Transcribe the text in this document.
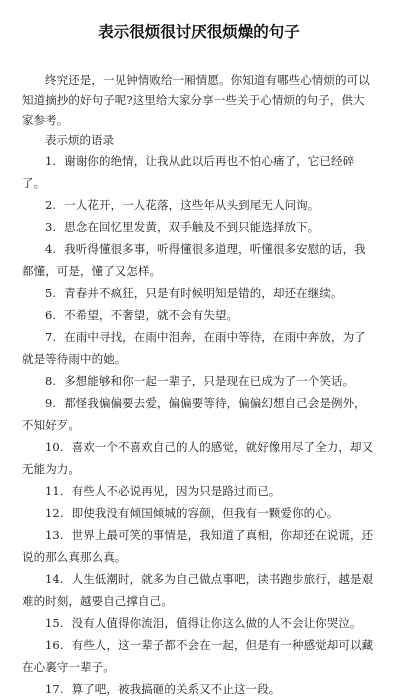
表示很烦很讨厌很烦燥的句子

终究还是，一见钟情败给一厢情愿。你知道有哪些心情烦的可以知道摘抄的好句子呢?这里给大家分享一些关于心情烦的句子，供大家参考。

表示烦的语录

1. 谢谢你的绝情，让我从此以后再也不怕心痛了，它已经碎了。
2. 一人花开，一人花落，这些年从头到尾无人问询。
3. 思念在回忆里发黄，双手触及不到只能选择放下。
4. 我听得懂很多事，听得懂很多道理，听懂很多安慰的话，我都懂，可是，懂了又怎样。
5. 青春并不疯狂，只是有时候明知是错的，却还在继续。
6. 不希望，不奢望，就不会有失望。
7. 在雨中寻找，在雨中泪奔，在雨中等待，在雨中奔放，为了就是等待雨中的她。
8. 多想能够和你一起一辈子，只是现在已成为了一个笑话。
9. 都怪我偏偏要去爱，偏偏要等待，偏偏幻想自己会是例外，不知好歹。
10. 喜欢一个不喜欢自己的人的感觉，就好像用尽了全力，却又无能为力。
11. 有些人不必说再见，因为只是路过而已。
12. 即使我没有倾国倾城的容颜，但我有一颗爱你的心。
13. 世界上最可笑的事情是，我知道了真相，你却还在说谎，还说的那么真那么真。
14. 人生低潮时，就多为自己做点事吧，读书跑步旅行，越是艰难的时刻，越要自己撑自己。
15. 没有人值得你流泪，值得让你这么做的人不会让你哭泣。
16. 有些人，这一辈子都不会在一起，但是有一种感觉却可以藏在心裏守一辈子。
17. 算了吧，被我搞砸的关系又不止这一段。
